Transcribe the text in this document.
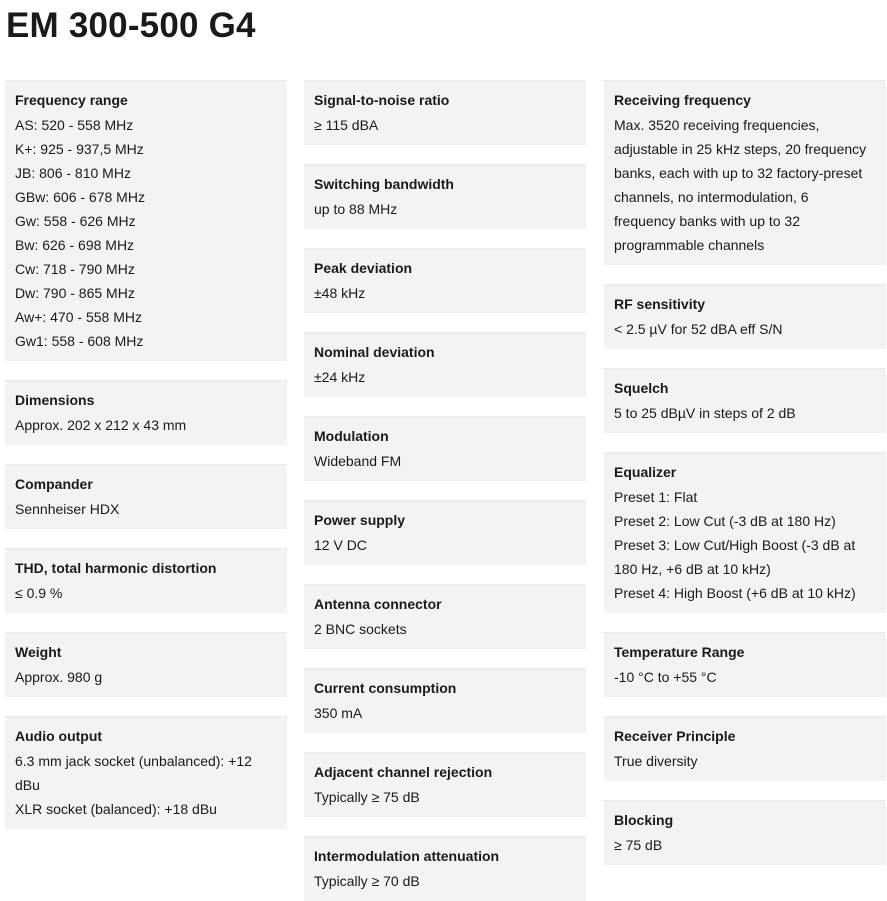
EM 300-500 G4
Frequency range
AS: 520 - 558 MHz
K+: 925 - 937,5 MHz
JB: 806 - 810 MHz
GBw: 606 - 678 MHz
Gw: 558 - 626 MHz
Bw: 626 - 698 MHz
Cw: 718 - 790 MHz
Dw: 790 - 865 MHz
Aw+: 470 - 558 MHz
Gw1: 558 - 608 MHz
Dimensions
Approx. 202 x 212 x 43 mm
Compander
Sennheiser HDX
THD, total harmonic distortion
≤ 0.9 %
Weight
Approx. 980 g
Audio output
6.3 mm jack socket (unbalanced): +12
dBu
XLR socket (balanced): +18 dBu
Signal-to-noise ratio
≥ 115 dBA
Switching bandwidth
up to 88 MHz
Peak deviation
±48 kHz
Nominal deviation
±24 kHz
Modulation
Wideband FM
Power supply
12 V DC
Antenna connector
2 BNC sockets
Current consumption
350 mA
Adjacent channel rejection
Typically ≥ 75 dB
Intermodulation attenuation
Typically ≥ 70 dB
Receiving frequency
Max. 3520 receiving frequencies,
adjustable in 25 kHz steps, 20 frequency
banks, each with up to 32 factory-preset
channels, no intermodulation, 6
frequency banks with up to 32
programmable channels
RF sensitivity
< 2.5 µV for 52 dBA eff S/N
Squelch
5 to 25 dBµV in steps of 2 dB
Equalizer
Preset 1: Flat
Preset 2: Low Cut (-3 dB at 180 Hz)
Preset 3: Low Cut/High Boost (-3 dB at
180 Hz, +6 dB at 10 kHz)
Preset 4: High Boost (+6 dB at 10 kHz)
Temperature Range
-10 °C to +55 °C
Receiver Principle
True diversity
Blocking
≥ 75 dB
